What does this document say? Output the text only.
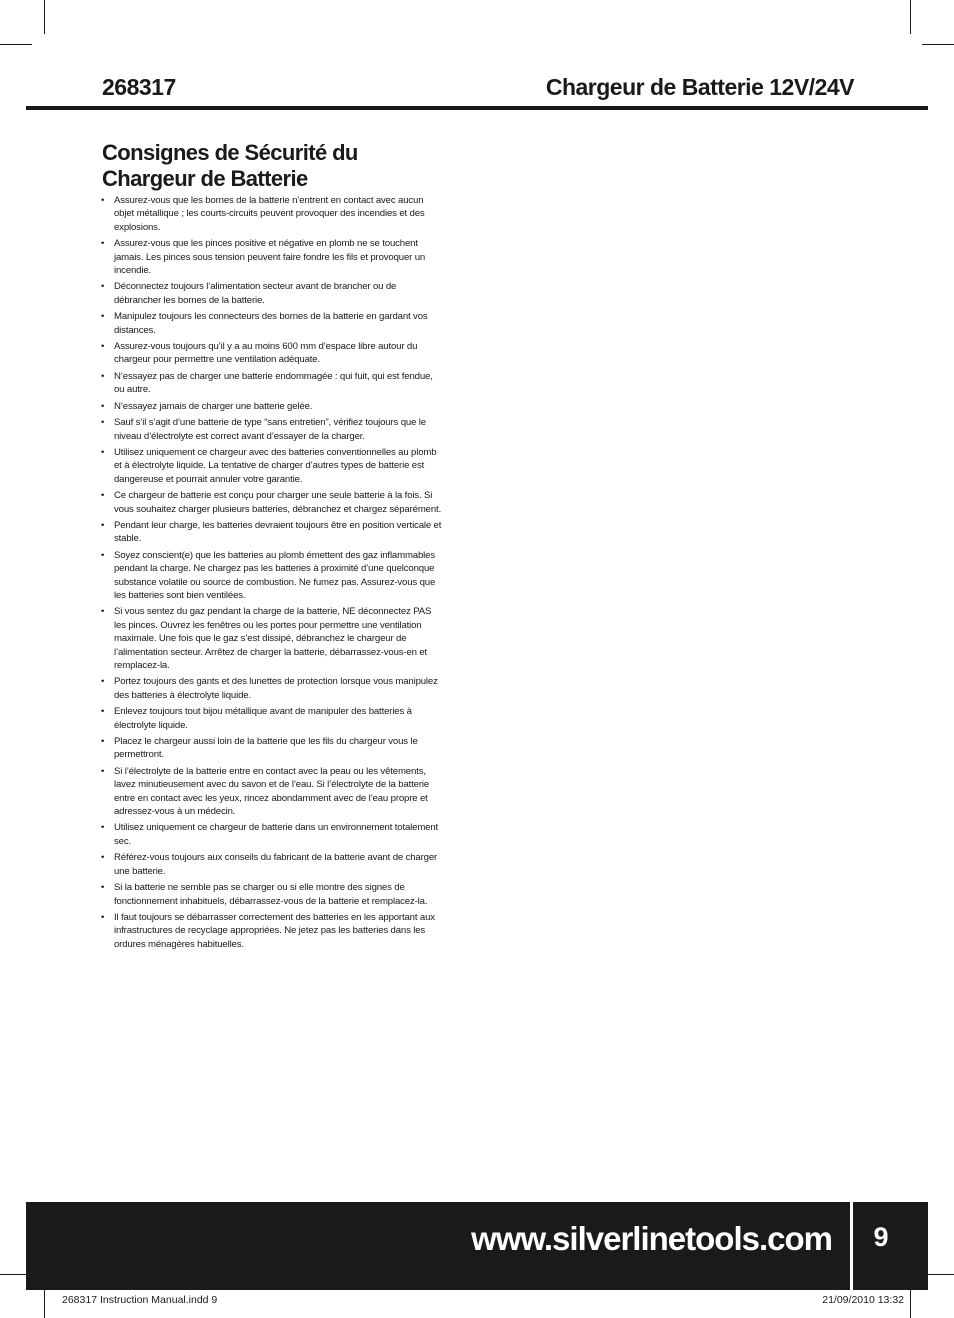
268317	Chargeur de Batterie 12V/24V
Consignes de Sécurité du
Chargeur de Batterie
• Assurez-vous que les bornes de la batterie n’entrent en contact avec aucun objet métallique ; les courts-circuits peuvent provoquer des incendies et des explosions.
• Assurez-vous que les pinces positive et négative en plomb ne se touchent jamais. Les pinces sous tension peuvent faire fondre les fils et provoquer un incendie.
• Déconnectez toujours l’alimentation secteur avant de brancher ou de débrancher les bornes de la batterie.
• Manipulez toujours les connecteurs des bornes de la batterie en gardant vos distances.
• Assurez-vous toujours qu’il y a au moins 600 mm d’espace libre autour du chargeur pour permettre une ventilation adéquate.
• N’essayez pas de charger une batterie endommagée : qui fuit, qui est fendue, ou autre.
• N’essayez jamais de charger une batterie gelée.
• Sauf s’il s’agit d’une batterie de type “sans entretien”, vérifiez toujours que le niveau d’électrolyte est correct avant d’essayer de la charger.
• Utilisez uniquement ce chargeur avec des batteries conventionnelles au plomb et à électrolyte liquide. La tentative de charger d’autres types de batterie est dangereuse et pourrait annuler votre garantie.
• Ce chargeur de batterie est conçu pour charger une seule batterie à la fois. Si vous souhaitez charger plusieurs batteries, débranchez et chargez séparément.
• Pendant leur charge, les batteries devraient toujours être en position verticale et stable.
• Soyez conscient(e) que les batteries au plomb émettent des gaz inflammables pendant la charge. Ne chargez pas les batteries à proximité d’une quelconque substance volatile ou source de combustion. Ne fumez pas. Assurez-vous que les batteries sont bien ventilées.
• Si vous sentez du gaz pendant la charge de la batterie, NE déconnectez PAS les pinces. Ouvrez les fenêtres ou les portes pour permettre une ventilation maximale. Une fois que le gaz s’est dissipé, débranchez le chargeur de l’alimentation secteur. Arrêtez de charger la batterie, débarrassez-vous-en et remplacez-la.
• Portez toujours des gants et des lunettes de protection lorsque vous manipulez des batteries à électrolyte liquide.
• Enlevez toujours tout bijou métallique avant de manipuler des batteries à électrolyte liquide.
• Placez le chargeur aussi loin de la batterie que les fils du chargeur vous le permettront.
• Si l’électrolyte de la batterie entre en contact avec la peau ou les vêtements, lavez minutieusement avec du savon et de l’eau. Si l’électrolyte de la batterie entre en contact avec les yeux, rincez abondamment avec de l’eau propre et adressez-vous à un médecin.
• Utilisez uniquement ce chargeur de batterie dans un environnement totalement sec.
• Référez-vous toujours aux conseils du fabricant de la batterie avant de charger une batterie.
• Si la batterie ne semble pas se charger ou si elle montre des signes de fonctionnement inhabituels, débarrassez-vous de la batterie et remplacez-la.
• Il faut toujours se débarrasser correctement des batteries en les apportant aux infrastructures de recyclage appropriées. Ne jetez pas les batteries dans les ordures ménagères habituelles.
www.silverlinetools.com	9
268317 Instruction Manual.indd 9	21/09/2010 13:32
